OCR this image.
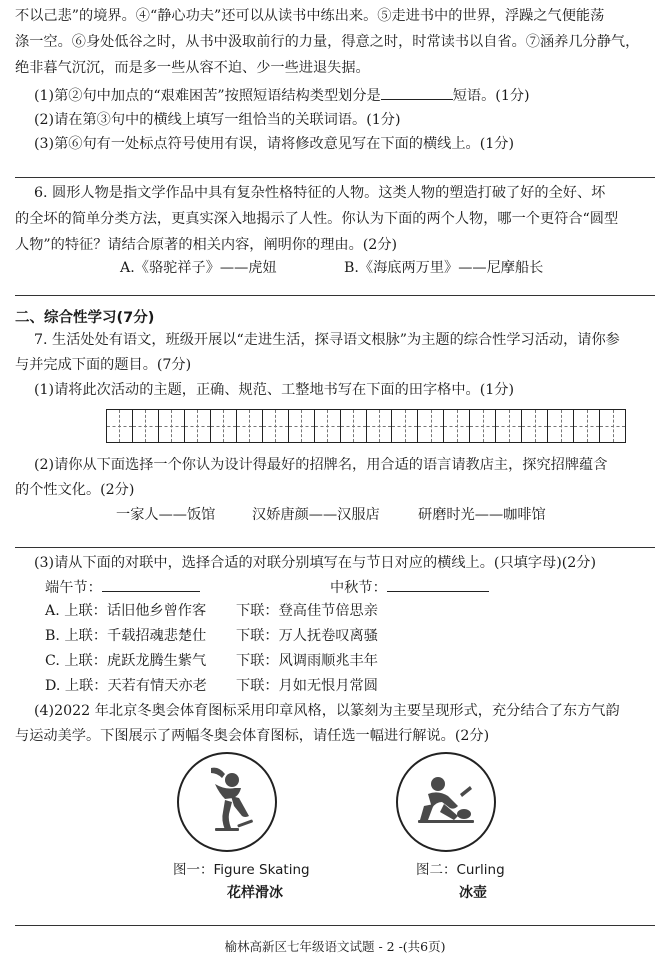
不以己悲”的境界。④“静心功夫”还可以从读书中练出来。⑤走进书中的世界，浮躁之气便能荡
涤一空。⑥身处低谷之时，从书中汲取前行的力量，得意之时，时常读书以自省。⑦涵养几分静气，
绝非暮气沉沉，而是多一些从容不迫、少一些进退失据。
(1)第②句中加点的“艰难困苦”按照短语结构类型划分是	短语。(1分)
(2)请在第③句中的横线上填写一组恰当的关联词语。(1分)
(3)第⑥句有一处标点符号使用有误，请将修改意见写在下面的横线上。(1分)
6. 圆形人物是指文学作品中具有复杂性格特征的人物。这类人物的塑造打破了好的全好、坏
的全坏的简单分类方法，更真实深入地揭示了人性。你认为下面的两个人物，哪一个更符合“圆型
人物”的特征？请结合原著的相关内容，阐明你的理由。(2分)
A.《骆驼祥子》——虎妞	B.《海底两万里》——尼摩船长
二、综合性学习(7分)
7. 生活处处有语文，班级开展以“走进生活，探寻语文根脉”为主题的综合性学习活动，请你参
与并完成下面的题目。(7分)
(1)请将此次活动的主题，正确、规范、工整地书写在下面的田字格中。(1分)
(2)请你从下面选择一个你认为设计得最好的招牌名，用合适的语言请教店主，探究招牌蕴含
的个性文化。(2分)
一家人——饭馆	汉娇唐颜——汉服店	研磨时光——咖啡馆
(3)请从下面的对联中，选择合适的对联分别填写在与节日对应的横线上。(只填字母)(2分)
端午节：	中秋节：
A. 上联：话旧他乡曾作客 下联：登高佳节倍思亲
B. 上联：千载招魂悲楚仕 下联：万人抚卷叹离骚
C. 上联：虎跃龙腾生紫气 下联：风调雨顺兆丰年
D. 上联：天若有情天亦老 下联：月如无恨月常圆
(4)2022 年北京冬奥会体育图标采用印章风格，以篆刻为主要呈现形式，充分结合了东方气韵
与运动美学。下图展示了两幅冬奥会体育图标，请任选一幅进行解说。(2分)
图一：Figure Skating
花样滑冰
图二：Curling
冰壶
榆林高新区七年级语文试题 - 2 -(共6页)
